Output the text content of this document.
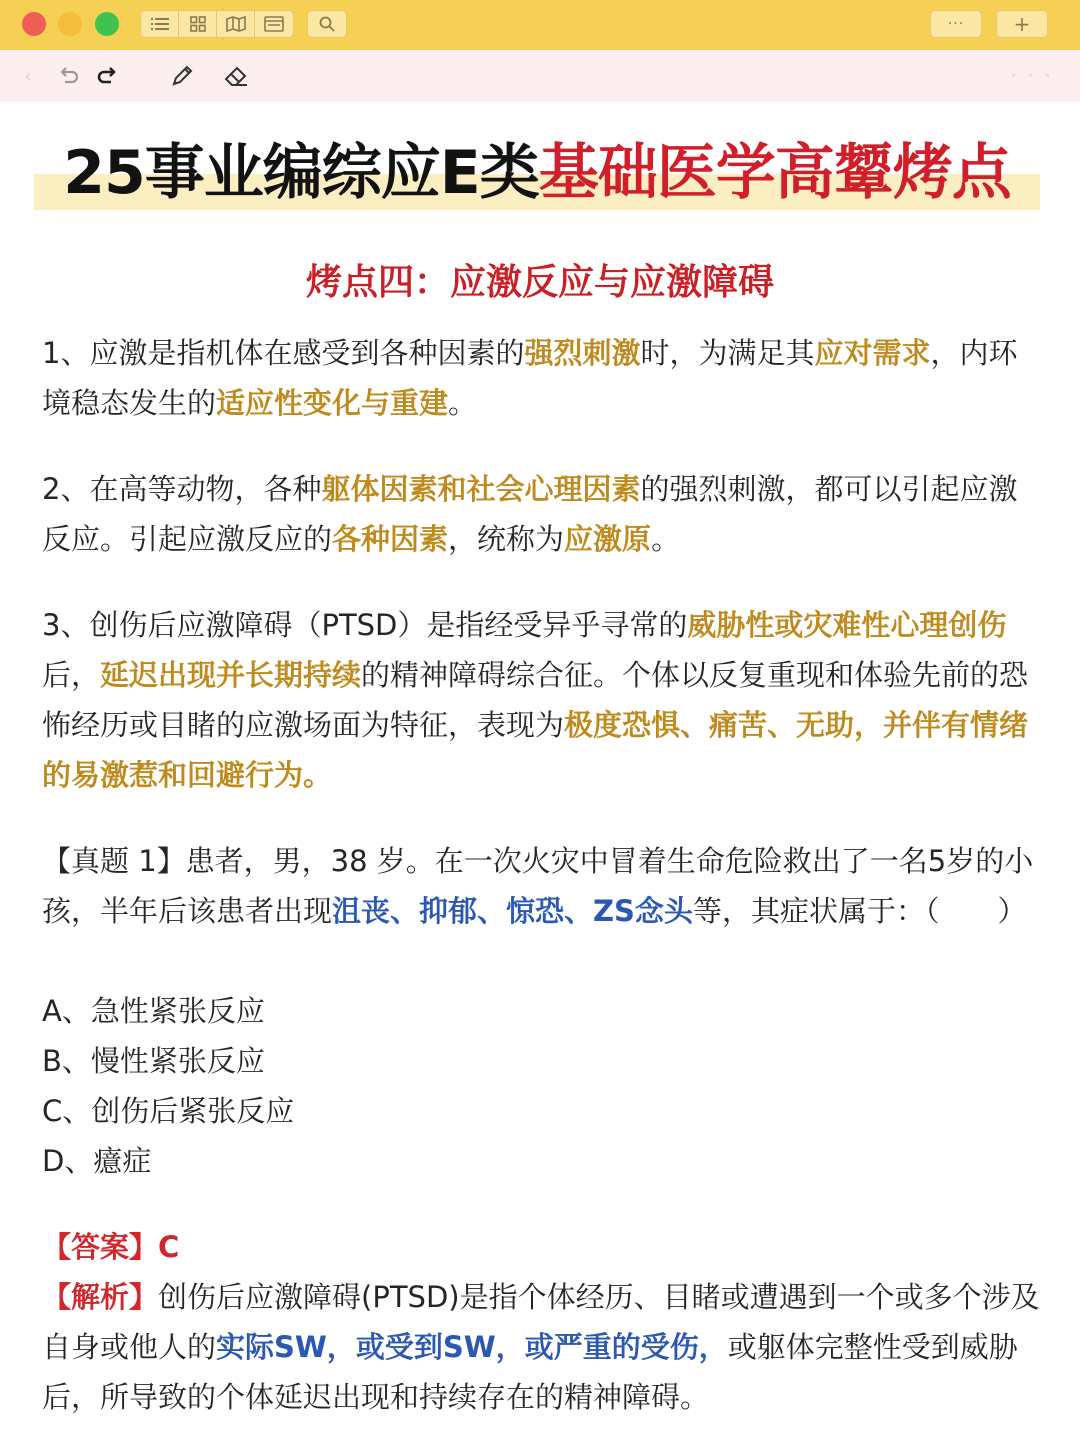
···	+
‹	• • •
25事业编综应E类基础医学高颦烤点
烤点四：应激反应与应激障碍
1、应激是指机体在感受到各种因素的强烈刺激时，为满足其应对需求，内环境稳态发生的适应性变化与重建。
2、在高等动物，各种躯体因素和社会心理因素的强烈刺激，都可以引起应激反应。引起应激反应的各种因素，统称为应激原。
3、创伤后应激障碍（PTSD）是指经受异乎寻常的威胁性或灾难性心理创伤后，延迟出现并长期持续的精神障碍综合征。个体以反复重现和体验先前的恐怖经历或目睹的应激场面为特征，表现为极度恐惧、痛苦、无助，并伴有情绪的易激惹和回避行为。
【真题 1】患者，男，38 岁。在一次火灾中冒着生命危险救出了一名5岁的小孩，半年后该患者出现沮丧、抑郁、惊恐、ZS念头等，其症状属于：（　　）
A、急性紧张反应
B、慢性紧张反应
C、创伤后紧张反应
D、癔症
【答案】C
【解析】创伤后应激障碍(PTSD)是指个体经历、目睹或遭遇到一个或多个涉及自身或他人的实际SW，或受到SW，或严重的受伤，或躯体完整性受到威胁后，所导致的个体延迟出现和持续存在的精神障碍。
